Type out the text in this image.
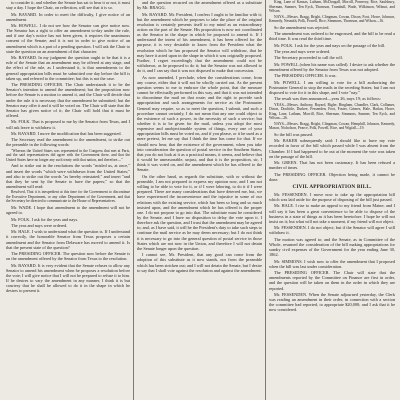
to consider it; and whether the Senate has sat to hear it or not, it must stay a day. I hope the Chair, on reflection, will see that it is so.

Mr. BAYARD. In order to meet the difficulty, I give notice of an amendment.

Mr. HOWELL. I do not see how the Senator can give notice now. The Senator has a right to offer an amendment to-day under the rule, and if one day's notice has not been given, it requires the unanimous consent of the Senate; and it is not in order to give notice of an amendment which is a part of a pending question. I will ask the Chair to state the question on an amendment of that character.

Mr. BAYARD. In my judgment the question ought to be that it is a rule of the Senate that an amendment may be offered at any stage, and the effect of the rule, as I understand it, is that amendments to the general appropriation bills must be submitted one day before the bill is taken up, and referred to the committee; but this is not the case.

The PRESIDING OFFICER. The Chair understands it to be the Senator's intention to amend the amendment; but the proposition now before the Senate is a motion to amend it, and the Chair will decide that under the rule it is necessary that the amendment be submitted; but the Senator may offer it and it will be voted on. The Chair will state that the Senator has given notice of it; the Chair will hold that it must be offered.

Mr. FOLK. That is proposed to me by the Senator from Texas, and I will ask leave to withdraw it.

Mr. BAYARD. I move the modification that has been suggested.

The Secretary read the amendment to the amendment, to strike out the preamble in the following words:

"Whereas the United States was represented in the Congress that met at Paris, and the said representatives did agree with the Government there, and that the United States have no longer any such treaty with that nation, and therefore—"

And to strike out in the resolutions the words "misled us, at once," and insert the words "which were withdrawn from the United States;" and also to strike out the words "as hereby reinstated;" and insert "and that they be sent by the Senate to have the papers;" so that the amendment will read:

Resolved, That it is inexpedient at this time for the Government to discontinue the Executive Department, or any other Department of the Government, and that the Secretary be directed to communicate to the House of Representatives.

Mr. WADE. I hope that amendment to the amendment will not be agreed to.

Mr. FOLK. I ask for the yeas and nays.

The yeas and nays were ordered.

Mr. HALE. I wish to understand what the question is. If I understand it correctly, the honorable Senator from Texas proposes a certain amendment and the Senator from Delaware has moved to amend it. Is that the present state of the question?

The PRESIDING OFFICER. The question now before the Senate is on the amendment offered by the Senator from Texas to the resolution.

Mr. BAYARD. It is very evident that the Senate refuses to allow any Senator to amend his amendment when he proposes a resolution before the vote; I will give notice that I will not be prepared to refuse it to him. If he desires to vary the amendment in any manner, I think it is but courtesy that he shall be allowed to do it in the shape in which he desires to present it.

and the question recurred on the amendment offered as a substitute by Mr. BRAGG.

Mr. BAYARD. Mr. President, I confess I ought to be familiar with it; but the amendment which he proposes to take the place of the original resolution is certainly presents itself to my mind as an extraordinary action on the part of the Senate. His proposition is now not coordinated as the Senator in the shape in which he proposed to amend it. If I understand the intent of his amendment, it has been offered for the purpose, it is very desirable to know from the President what the resolution which he has proposed the Senator will withdraw, that he may have it acted upon in the shape in which it was originally proposed. Further, I regret exceedingly that the amendment could not be withdrawn, as he proposed to do it; but the Senator was not allowed to do it, and I can say that it was not disposed to make that concession.

As now amended, I preclude, when the considerations come, from any course, either that it will not be wholly carried out. As the present question seems to me to embrace the whole point, that the measure cannot be effectually performed in this way, and that it was not intended to discontinue the mail on that route; and the right to provide such appropriation and such arrangements for service as the Postmaster General may require, so as to meet the question, I submit, and such a procedure cannot certainly, I do not mean that any one could object to the existence of such a power, in the necessity of such a service; but whether it is to be given for the mail, unless you adopt the most expensive and unobjectionable system of things, every one of your appropriation bills must be voted on, and if you please, or it be used as a mere pretext, let me say that I think the time has come for that. If we should now hear, that the existence of the government, when you take into consideration the question of postal service in the Southern States, that you do not look at it as a practical means, it seems, and believe that it would be unreasonable, unjust, and that it is the proposition, sir, I think it was voted on, and the amendment which he has offered to the Senate.

On the other hand, as regards the substitute, with or without the preamble, I am not prepared to express my opinion now, and I am not willing to be able to vote for it, or if I were laboring, to do it if I were prepared. There are many considerations that have deterred me, but, we have experienced the inconvenience and the injustice in some of our relations with the existing service, which has been so long and so much insisted upon, and the amendment which he has offered is the proper one. I do not propose to go into that. The substitute must be considered by the Senate, and I have no disposition to delay the vote upon it. I therefore ask the question, and I trust that the amendment may be agreed to; and, as I have said, it will be the President's duty to take such steps to continue the mail service as he may deem necessary; but I do not think it is necessary to go into the general question of postal service in those States which are not now in the Union, and therefore I will not detain the Senate longer upon the question.

I cannot see, Mr. President, that any good can come from the adoption of this substitute as it now stands, nor from the preamble which has been stricken out; and I will not detain the Senate, but I desire to say that I shall vote against the resolution and against the amendment.

King, Lane of Kansas, Latham, McDougall, Morrill, Pomeroy, Rice, Saulsbury, Sherman, Sumner, Ten Eyck, Thomson, Trumbull, Wade, Wilkinson, Wilmot, and Wilson.

NAYS—Messrs. Bragg, Bright, Clingman, Cowan, Dixon, Foot, Howe, Johnson, Kennedy, Nesmith, Polk, Powell, Rice, Simmons, Thomson, and Wilson—16.

So the amendment was rejected.

The amendment was ordered to be engrossed, and the bill to be read a third time. It was read the third time.

Mr. POLK. I ask for the yeas and nays on the passage of the bill.

The yeas and nays were ordered.

The Secretary proceeded to call the roll.

Mr. POWELL (when his name was called). I desire to ask whether the amendment offered by the Senator from Texas was not adopted.

The PRESIDING OFFICER. It was.

Mr. POWELL. I am willing to vote for a bill authorizing the Postmaster General to stop the mails in the seceding States; but I am not disposed to vote for it in this shape, and I vote "nay."

The result was then announced—yeas 26, nays 19; as follows:

YEAS—Messrs. Anthony, Bayard, Bigler, Bingham, Chandler, Clark, Collamer, Dixon, Doolittle, Durkee, Fessenden, Foot, Foster, Grimes, Hale, Harlan, Howe, King, Lane, Latham, Morrill, Rice, Sherman, Simmons, Sumner, Ten Eyck, and Wilson—26.

NAYS—Messrs. Bragg, Bright, Clingman, Cowan, Hemphill, Johnson, Kennedy, Mason, Nicholson, Pearce, Polk, Powell, Rice, and Wigfall—19.

So the bill was passed.

Mr. BAKER subsequently said: I should like to have my vote recorded in favor of the bill which passed while I was absent from the Chamber. If I had happened to be out at the moment the vote was taken on the passage of the bill.

Mr. GREEN. That has not been customary. It has been refused a number of times.

The PRESIDING OFFICER. Objection being made, it cannot be done.

CIVIL APPROPRIATION BILL.

Mr. FESSENDEN. I move now to take up the appropriation bill which was laid aside for the purpose of disposing of the bill just passed.

Mr. HALE. I rise to make an appeal to my friend from Maine; and I will say it has been a great convenience to be able to dispose of the business in a state of things as it has been heretofore. I hope he will not insist on it; but what will not take a moment, if my friend will not object.

Mr. FESSENDEN. I do not object; but if the Senator will agree I will withdraw it.

The motion was agreed to; and the Senate, as in Committee of the Whole, resumed the consideration of the bill making appropriations for sundry civil expenses of the Government for the year ending June 30, 1862.

Mr. SIMMONS. I wish now to offer the amendment that I proposed when the bill was last under consideration.

The PRESIDING OFFICER. The Chair will state that the amendments reported by the Committee on Finance are first in order, and the question will be taken on them in the order in which they are reported.

Mr. FESSENDEN. When the Senate adjourned yesterday, the Clerk was reading an amendment in their order, in connection with a section the committee had reported, to appropriate $20,000; and I ask that it be now considered.
